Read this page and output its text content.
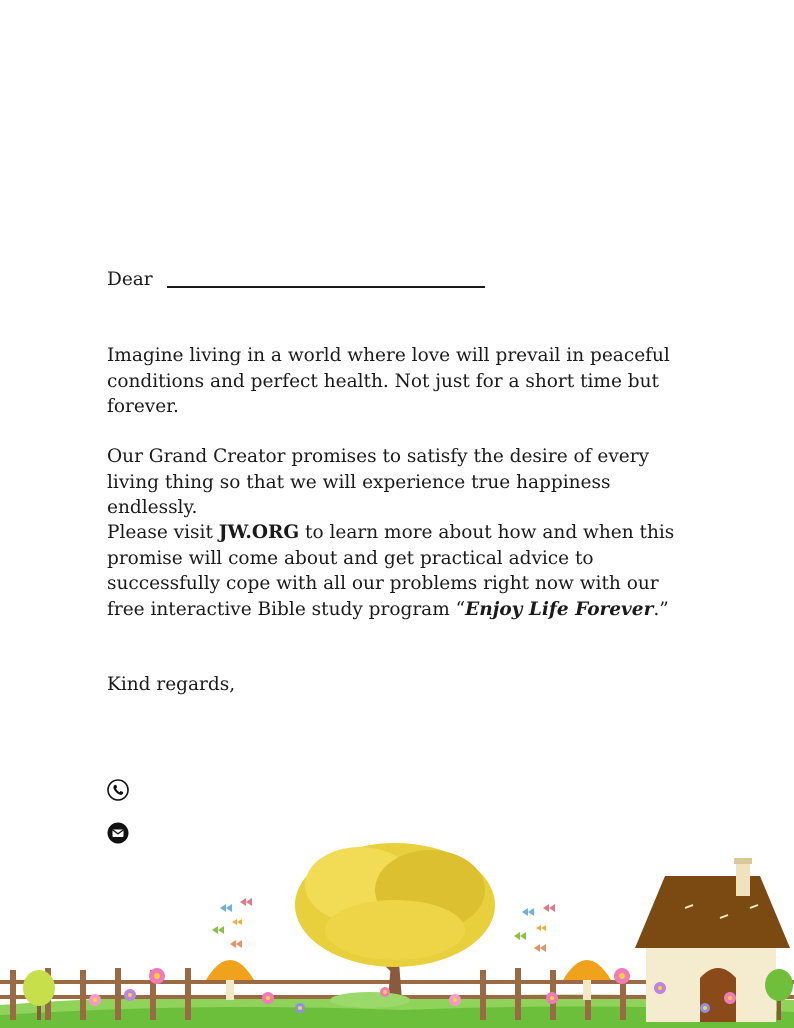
Dear

Imagine living in a world where love will prevail in peaceful conditions and perfect health. Not just for a short time but forever.

Our Grand Creator promises to satisfy the desire of every living thing so that we will experience true happiness endlessly.

Please visit JW.ORG to learn more about how and when this promise will come about and get practical advice to successfully cope with all our problems right now with our free interactive Bible study program “Enjoy Life Forever.”

Kind regards,
